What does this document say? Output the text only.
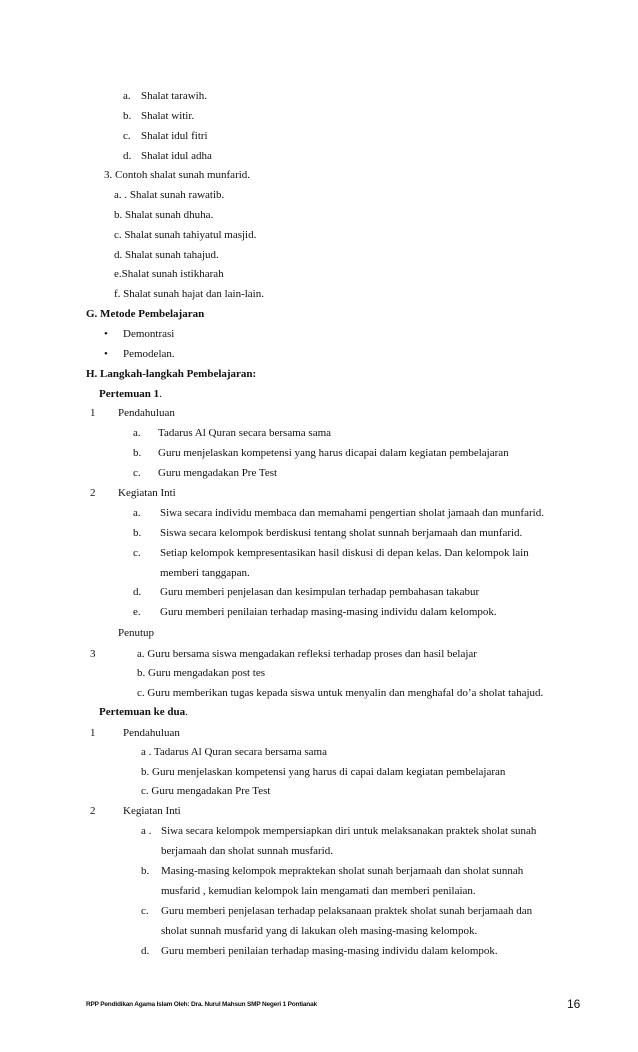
a. Shalat tarawih.
b. Shalat witir.
c. Shalat idul fitri
d. Shalat idul adha
3. Contoh shalat sunah munfarid.
a. . Shalat sunah rawatib.
b. Shalat sunah dhuha.
c. Shalat sunah tahiyatul masjid.
d. Shalat sunah tahajud.
e.Shalat sunah istikharah
f. Shalat sunah hajat dan lain-lain.
G. Metode Pembelajaran
• Demontrasi
• Pemodelan.
H. Langkah-langkah Pembelajaran:
Pertemuan 1.
1 Pendahuluan
a. Tadarus Al Quran secara bersama sama
b. Guru menjelaskan kompetensi yang harus dicapai dalam kegiatan pembelajaran
c. Guru mengadakan Pre Test
2 Kegiatan Inti
a. Siwa secara individu membaca dan memahami pengertian sholat jamaah dan munfarid.
b. Siswa secara kelompok berdiskusi tentang sholat sunnah berjamaah dan munfarid.
c. Setiap kelompok kempresentasikan hasil diskusi di depan kelas. Dan kelompok lain
memberi tanggapan.
d. Guru memberi penjelasan dan kesimpulan terhadap pembahasan takabur
e. Guru memberi penilaian terhadap masing-masing individu dalam kelompok.
Penutup
3	a. Guru bersama siswa mengadakan refleksi terhadap proses dan hasil belajar
b. Guru mengadakan post tes
c. Guru memberikan tugas kepada siswa untuk menyalin dan menghafal do’a sholat tahajud.
Pertemuan ke dua.
1	Pendahuluan
a . Tadarus Al Quran secara bersama sama
b. Guru menjelaskan kompetensi yang harus di capai dalam kegiatan pembelajaran
c. Guru mengadakan Pre Test
2	Kegiatan Inti
a . Siwa secara kelompok mempersiapkan diri untuk melaksanakan praktek sholat sunah
berjamaah dan sholat sunnah musfarid.
b. Masing-masing kelompok mepraktekan sholat sunah berjamaah dan sholat sunnah
musfarid , kemudian kelompok lain mengamati dan memberi penilaian.
c. Guru memberi penjelasan terhadap pelaksanaan praktek sholat sunah berjamaah dan
sholat sunnah musfarid yang di lakukan oleh masing-masing kelompok.
d. Guru memberi penilaian terhadap masing-masing individu dalam kelompok.
RPP Pendidikan Agama Islam Oleh: Dra. Nurul Mahsun SMP Negeri 1 Pontianak	16
